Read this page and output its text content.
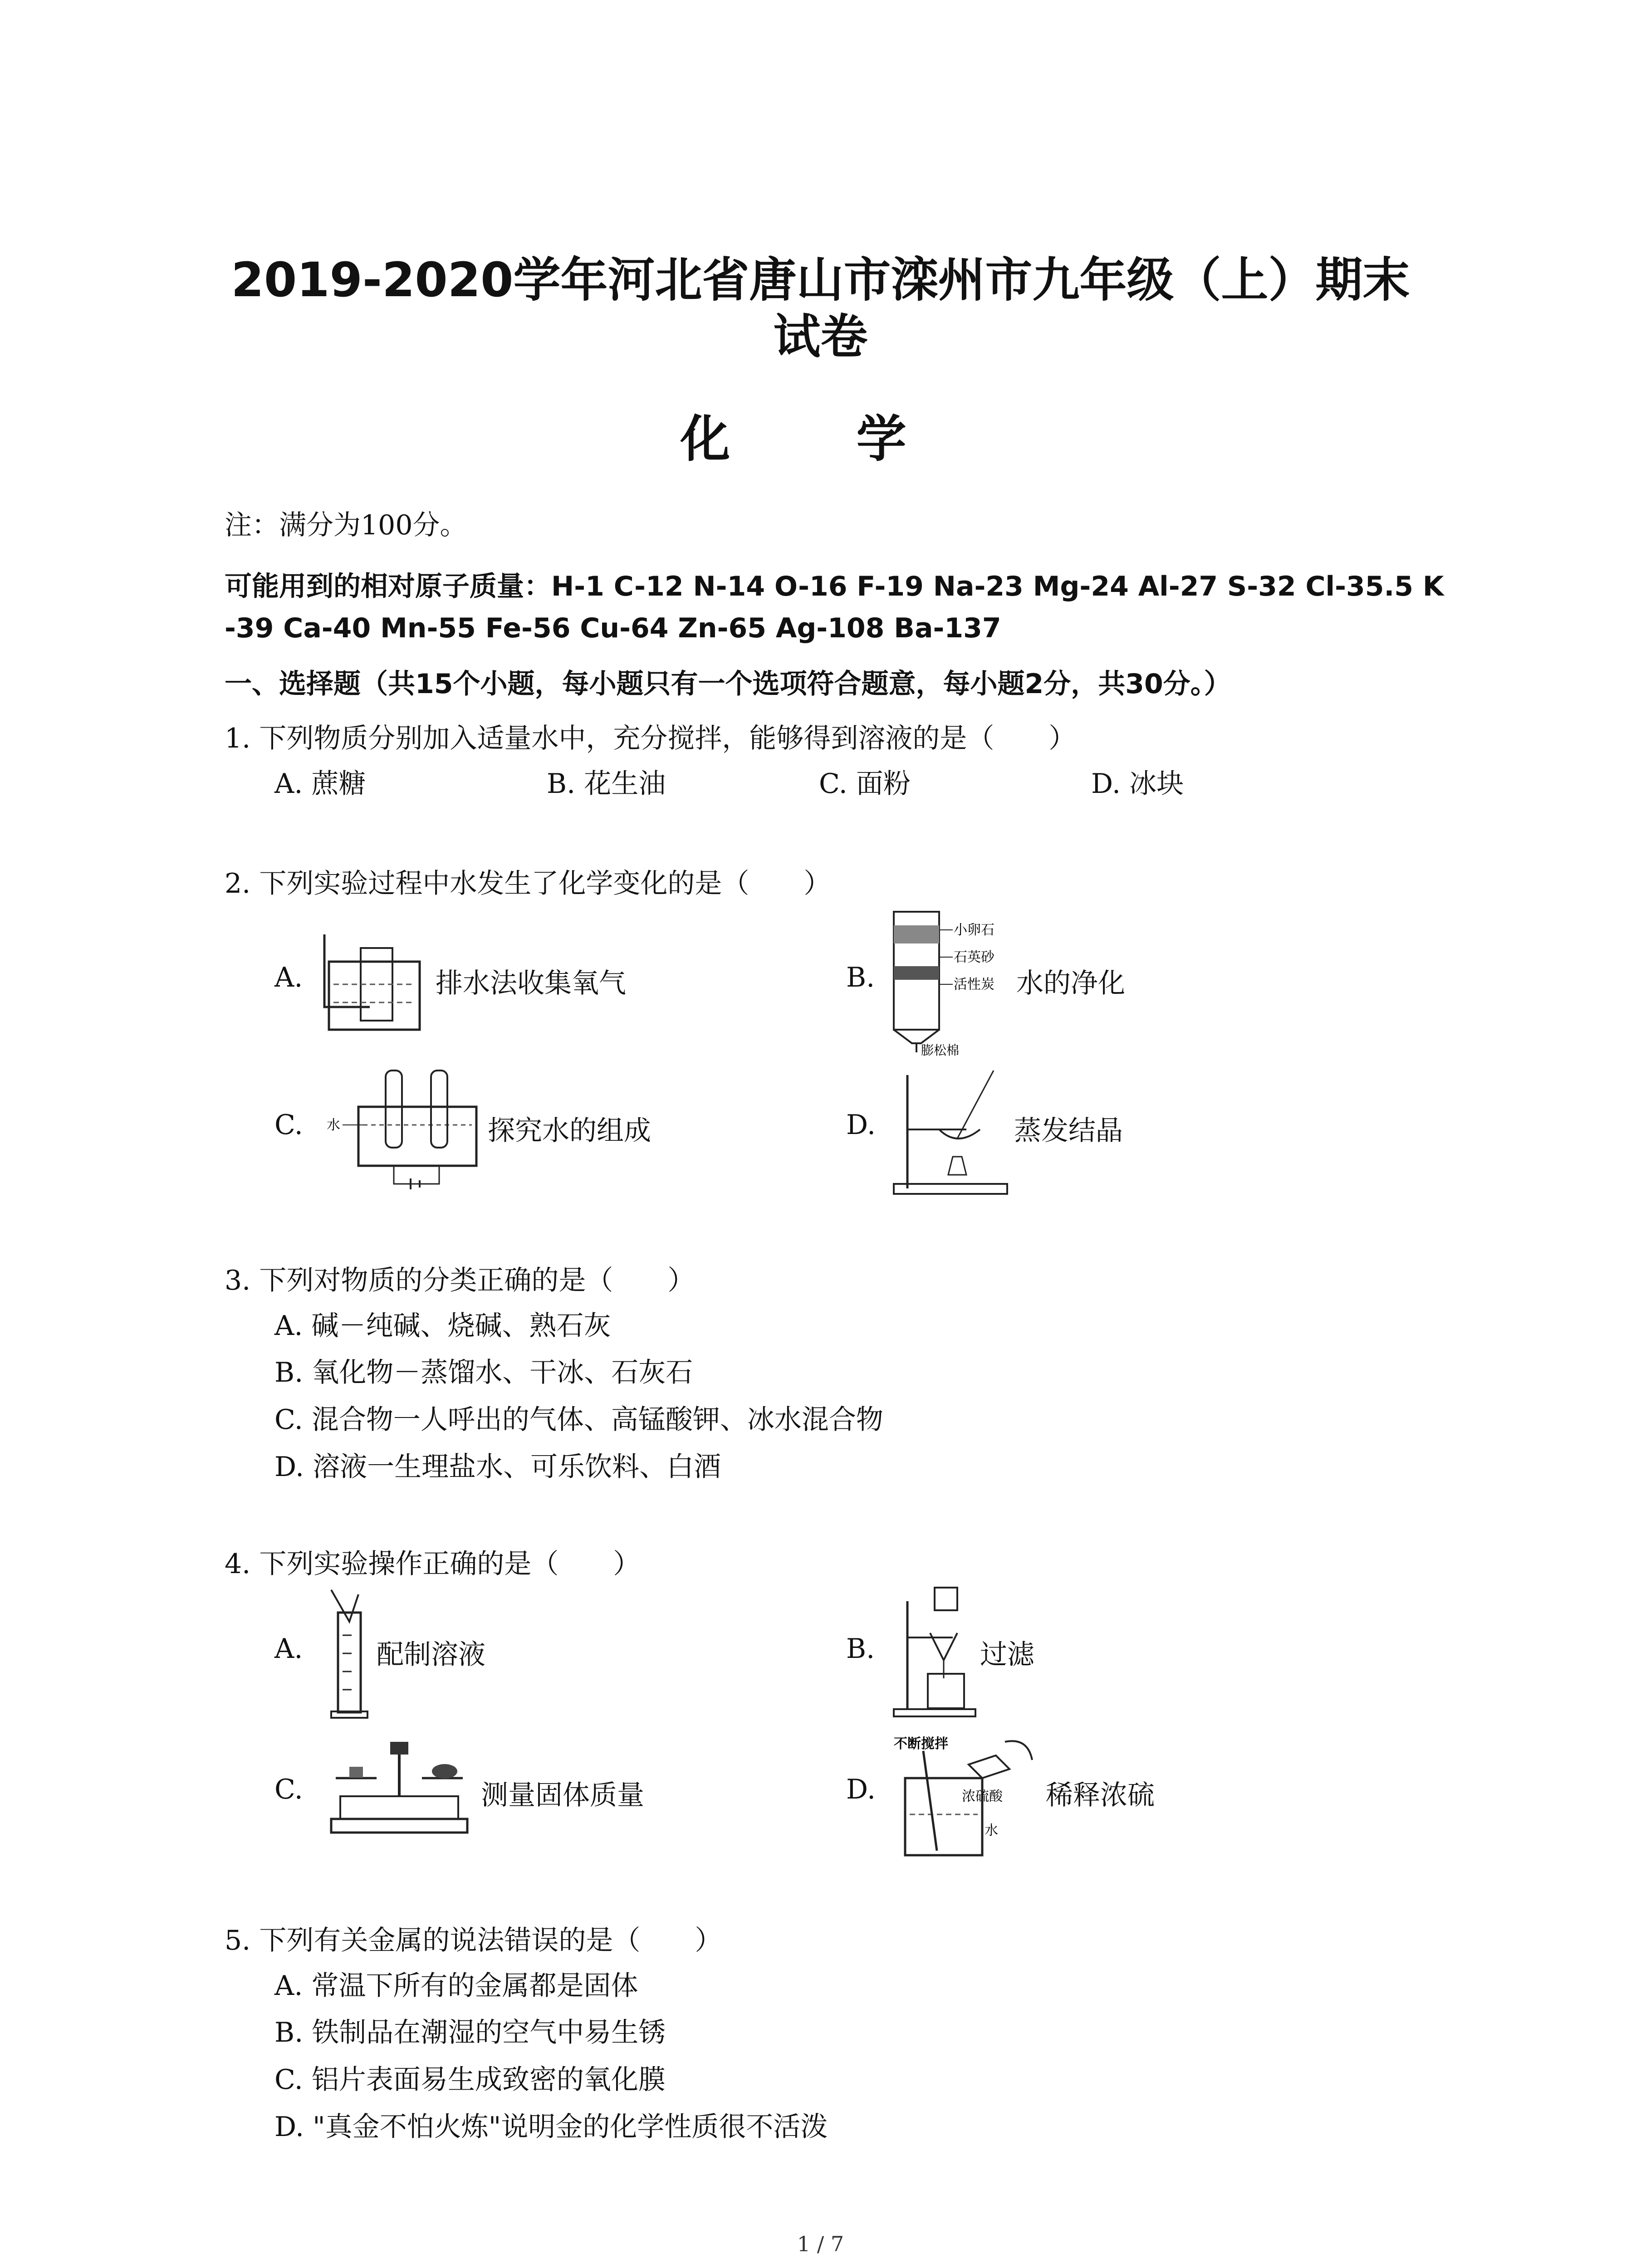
2019-2020学年河北省唐山市滦州市九年级（上）期末
试卷
化 学
注：满分为100分。
可能用到的相对原子质量：H-1 C-12 N-14 O-16 F-19 Na-23 Mg-24 Al-27 S-32 Cl-35.5 K
-39 Ca-40 Mn-55 Fe-56 Cu-64 Zn-65 Ag-108 Ba-137
一、选择题（共15个小题，每小题只有一个选项符合题意，每小题2分，共30分。）
1. 下列物质分别加入适量水中，充分搅拌，能够得到溶液的是（　　）
A. 蔗糖	B. 花生油	C. 面粉	D. 冰块
2. 下列实验过程中水发生了化学变化的是（　　）
A.	排水法收集氧气	B.
小卵石
石英砂
活性炭
膨松棉
水的净化
C. 水	探究水的组成	D.	蒸发结晶
3. 下列对物质的分类正确的是（　　）
A. 碱－纯碱、烧碱、熟石灰
B. 氧化物－蒸馏水、干冰、石灰石
C. 混合物一人呼出的气体、高锰酸钾、冰水混合物
D. 溶液一生理盐水、可乐饮料、白酒
4. 下列实验操作正确的是（　　）
A.	配制溶液	B.	过滤
C.	测量固体质量	D.
不断搅拌
浓硫酸
水
稀释浓硫
5. 下列有关金属的说法错误的是（　　）
A. 常温下所有的金属都是固体
B. 铁制品在潮湿的空气中易生锈
C. 铝片表面易生成致密的氧化膜
D. "真金不怕火炼"说明金的化学性质很不活泼
1 / 7
